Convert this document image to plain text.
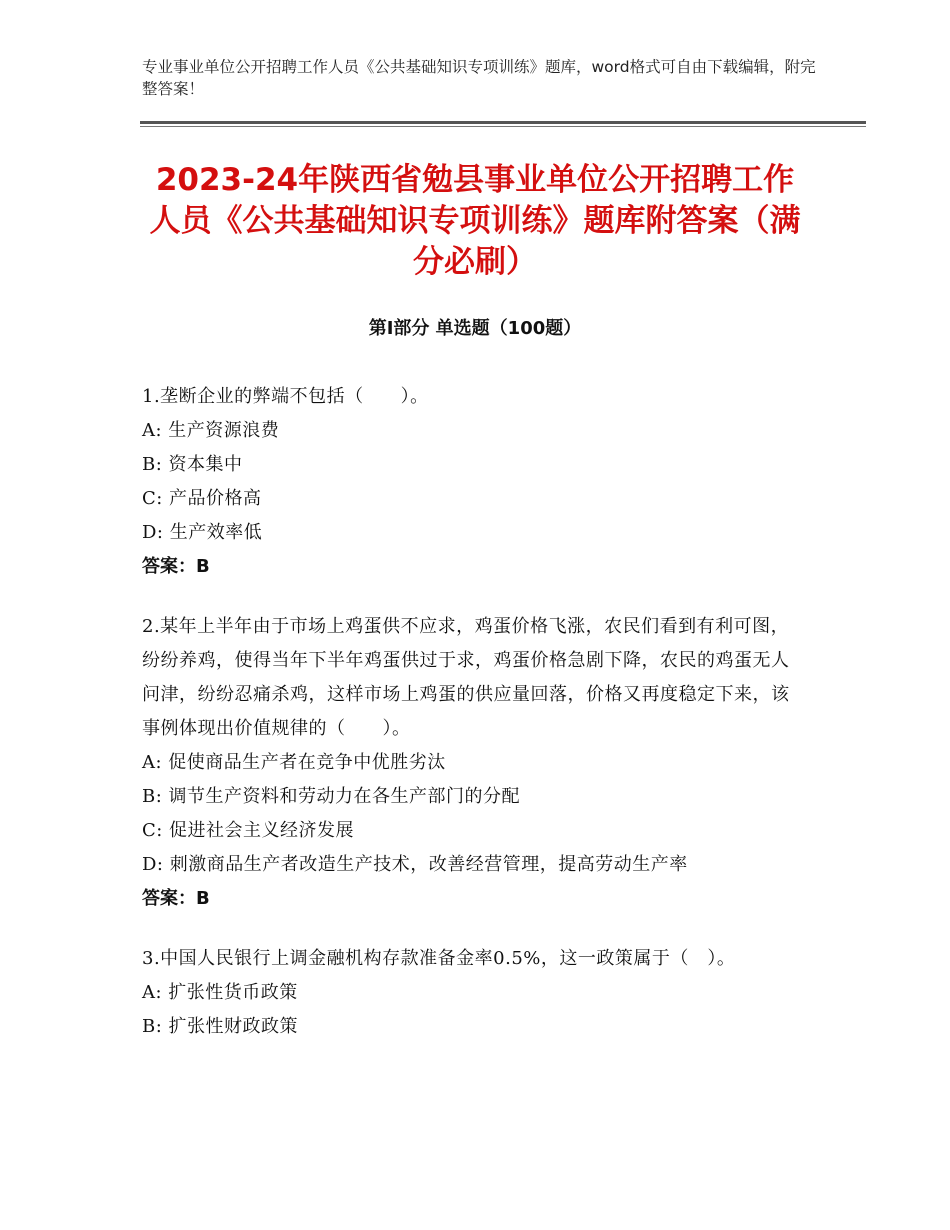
专业事业单位公开招聘工作人员《公共基础知识专项训练》题库，word格式可自由下载编辑，附完整答案！
2023-24年陕西省勉县事业单位公开招聘工作人员《公共基础知识专项训练》题库附答案（满分必刷）
第Ⅰ部分 单选题（100题）

1.垄断企业的弊端不包括（　　）。

A: 生产资源浪费

B: 资本集中

C: 产品价格高

D: 生产效率低

答案：B

2.某年上半年由于市场上鸡蛋供不应求，鸡蛋价格飞涨，农民们看到有利可图，纷纷养鸡，使得当年下半年鸡蛋供过于求，鸡蛋价格急剧下降，农民的鸡蛋无人问津，纷纷忍痛杀鸡，这样市场上鸡蛋的供应量回落，价格又再度稳定下来，该事例体现出价值规律的（　　）。

A: 促使商品生产者在竞争中优胜劣汰

B: 调节生产资料和劳动力在各生产部门的分配

C: 促进社会主义经济发展

D: 刺激商品生产者改造生产技术，改善经营管理，提高劳动生产率

答案：B

3.中国人民银行上调金融机构存款准备金率0.5%，这一政策属于（　）。

A: 扩张性货币政策

B: 扩张性财政政策
